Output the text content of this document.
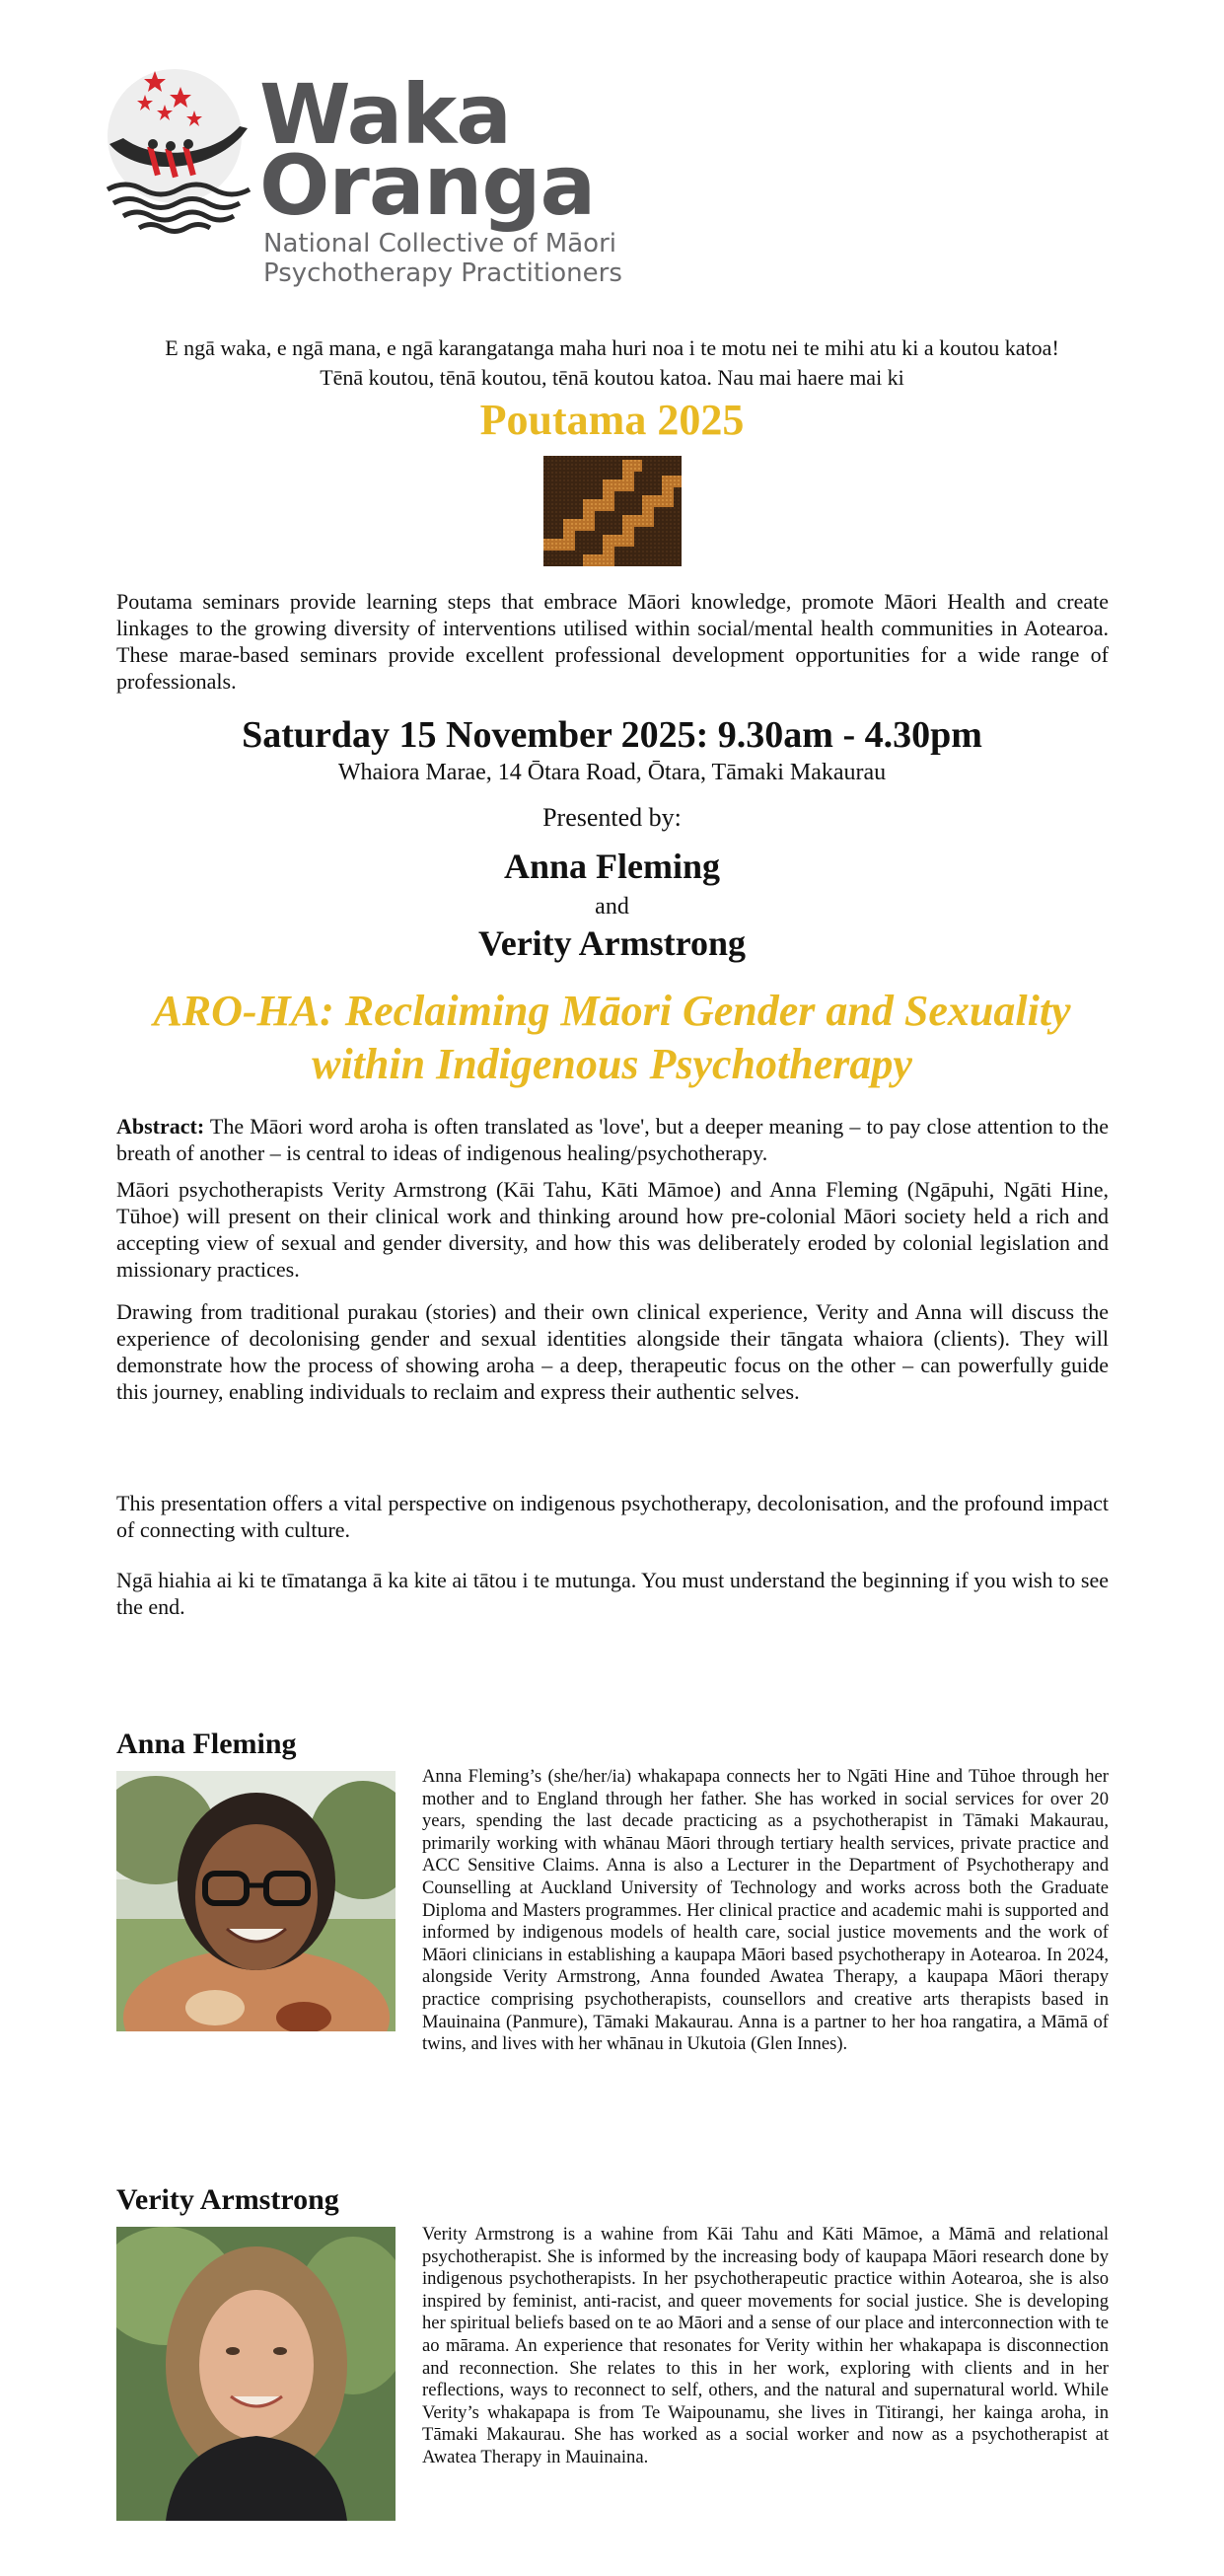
Waka
Oranga
National Collective of Māori
Psychotherapy Practitioners
E ngā waka, e ngā mana, e ngā karangatanga maha huri noa i te motu nei te mihi atu ki a koutou katoa!
Tēnā koutou, tēnā koutou, tēnā koutou katoa. Nau mai haere mai ki
Poutama 2025
Poutama seminars provide learning steps that embrace Māori knowledge, promote Māori Health and create linkages to the growing diversity of interventions utilised within social/mental health communities in Aotearoa. These marae-based seminars provide excellent professional development opportunities for a wide range of professionals.
Saturday 15 November 2025: 9.30am - 4.30pm
Whaiora Marae, 14 Ōtara Road, Ōtara, Tāmaki Makaurau
Presented by:
Anna Fleming
and
Verity Armstrong
ARO-HA: Reclaiming Māori Gender and Sexuality
within Indigenous Psychotherapy
Abstract: The Māori word aroha is often translated as 'love', but a deeper meaning – to pay close attention to the breath of another – is central to ideas of indigenous healing/psychotherapy.
Māori psychotherapists Verity Armstrong (Kāi Tahu, Kāti Māmoe) and Anna Fleming (Ngāpuhi, Ngāti Hine, Tūhoe) will present on their clinical work and thinking around how pre-colonial Māori society held a rich and accepting view of sexual and gender diversity, and how this was deliberately eroded by colonial legislation and missionary practices.
Drawing from traditional purakau (stories) and their own clinical experience, Verity and Anna will discuss the experience of decolonising gender and sexual identities alongside their tāngata whaiora (clients). They will demonstrate how the process of showing aroha – a deep, therapeutic focus on the other – can powerfully guide this journey, enabling individuals to reclaim and express their authentic selves.
This presentation offers a vital perspective on indigenous psychotherapy, decolonisation, and the profound impact of connecting with culture.
Ngā hiahia ai ki te tīmatanga ā ka kite ai tātou i te mutunga. You must understand the beginning if you wish to see the end.
Anna Fleming
Anna Fleming’s (she/her/ia) whakapapa connects her to Ngāti Hine and Tūhoe through her mother and to England through her father. She has worked in social services for over 20 years, spending the last decade practicing as a psychotherapist in Tāmaki Makaurau, primarily working with whānau Māori through tertiary health services, private practice and ACC Sensitive Claims. Anna is also a Lecturer in the Department of Psychotherapy and Counselling at Auckland University of Technology and works across both the Graduate Diploma and Masters programmes. Her clinical practice and academic mahi is supported and informed by indigenous models of health care, social justice movements and the work of Māori clinicians in establishing a kaupapa Māori based psychotherapy in Aotearoa. In 2024, alongside Verity Armstrong, Anna founded Awatea Therapy, a kaupapa Māori therapy practice comprising psychotherapists, counsellors and creative arts therapists based in Mauinaina (Panmure), Tāmaki Makaurau. Anna is a partner to her hoa rangatira, a Māmā of twins, and lives with her whānau in Ukutoia (Glen Innes).
Verity Armstrong
Verity Armstrong is a wahine from Kāi Tahu and Kāti Māmoe, a Māmā and relational psychotherapist. She is informed by the increasing body of kaupapa Māori research done by indigenous psychotherapists. In her psychotherapeutic practice within Aotearoa, she is also inspired by feminist, anti-racist, and queer movements for social justice. She is developing her spiritual beliefs based on te ao Māori and a sense of our place and interconnection with te ao mārama. An experience that resonates for Verity within her whakapapa is disconnection and reconnection. She relates to this in her work, exploring with clients and in her reflections, ways to reconnect to self, others, and the natural and supernatural world. While Verity’s whakapapa is from Te Waipounamu, she lives in Titirangi, her kainga aroha, in Tāmaki Makaurau. She has worked as a social worker and now as a psychotherapist at Awatea Therapy in Mauinaina.
